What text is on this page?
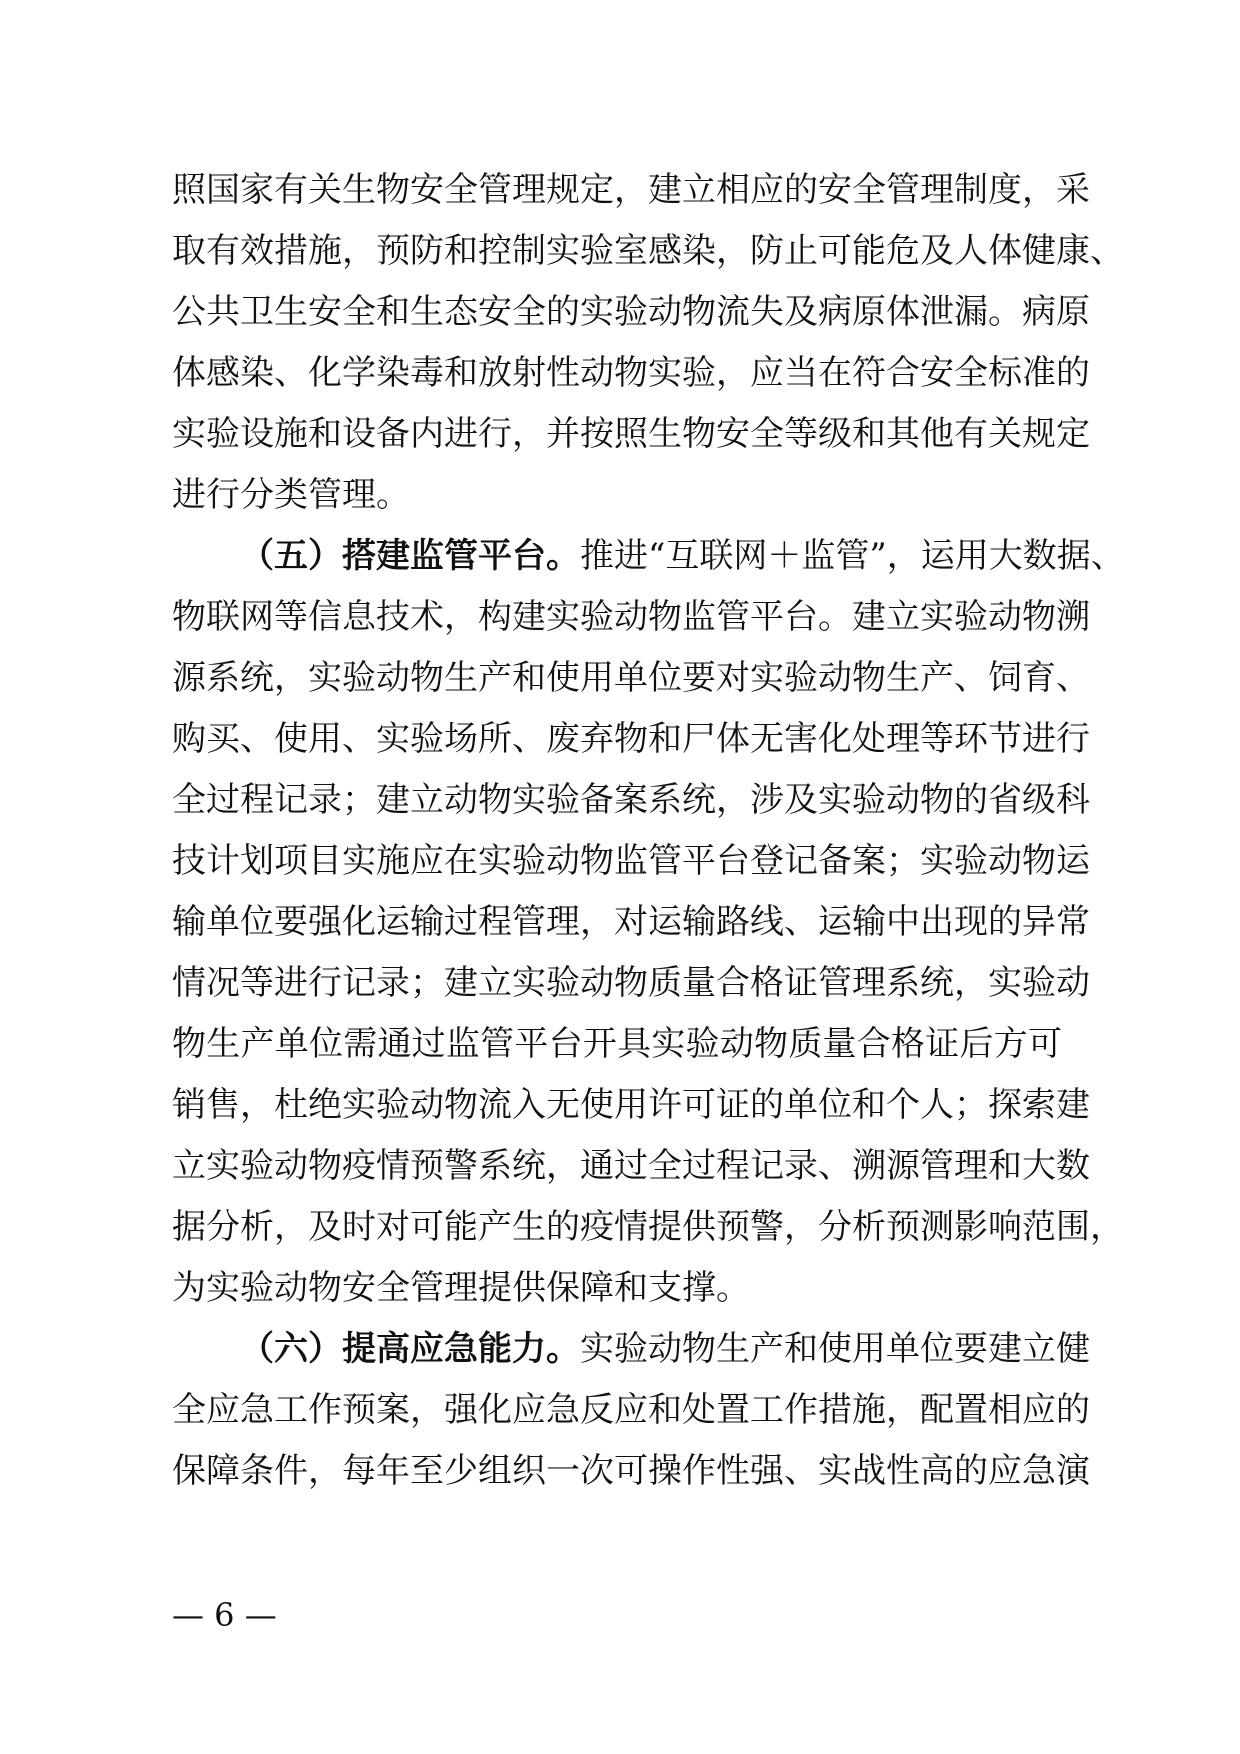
照国家有关生物安全管理规定，建立相应的安全管理制度，采
取有效措施，预防和控制实验室感染，防止可能危及人体健康、
公共卫生安全和生态安全的实验动物流失及病原体泄漏。病原
体感染、化学染毒和放射性动物实验，应当在符合安全标准的
实验设施和设备内进行，并按照生物安全等级和其他有关规定
进行分类管理。
（五）搭建监管平台。推进“互联网＋监管”，运用大数据、
物联网等信息技术，构建实验动物监管平台。建立实验动物溯
源系统，实验动物生产和使用单位要对实验动物生产、饲育、
购买、使用、实验场所、废弃物和尸体无害化处理等环节进行
全过程记录；建立动物实验备案系统，涉及实验动物的省级科
技计划项目实施应在实验动物监管平台登记备案；实验动物运
输单位要强化运输过程管理，对运输路线、运输中出现的异常
情况等进行记录；建立实验动物质量合格证管理系统，实验动
物生产单位需通过监管平台开具实验动物质量合格证后方可
销售，杜绝实验动物流入无使用许可证的单位和个人；探索建
立实验动物疫情预警系统，通过全过程记录、溯源管理和大数
据分析，及时对可能产生的疫情提供预警，分析预测影响范围，
为实验动物安全管理提供保障和支撑。
（六）提高应急能力。实验动物生产和使用单位要建立健
全应急工作预案，强化应急反应和处置工作措施，配置相应的
保障条件，每年至少组织一次可操作性强、实战性高的应急演
— 6 —
